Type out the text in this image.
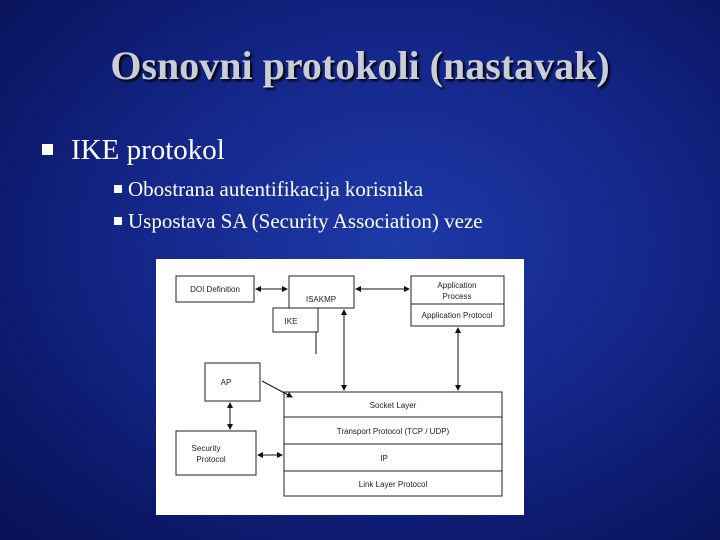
Osnovni protokoli (nastavak)
IKE protokol
Obostrana autentifikacija korisnika
Uspostava SA (Security Association) veze
DOI Definition
ISAKMP
IKE
Application
Process
Application Protocol
AP
Security
Protocol
Socket Layer
Transport Protocol (TCP / UDP)
IP
Link Layer Protocol
